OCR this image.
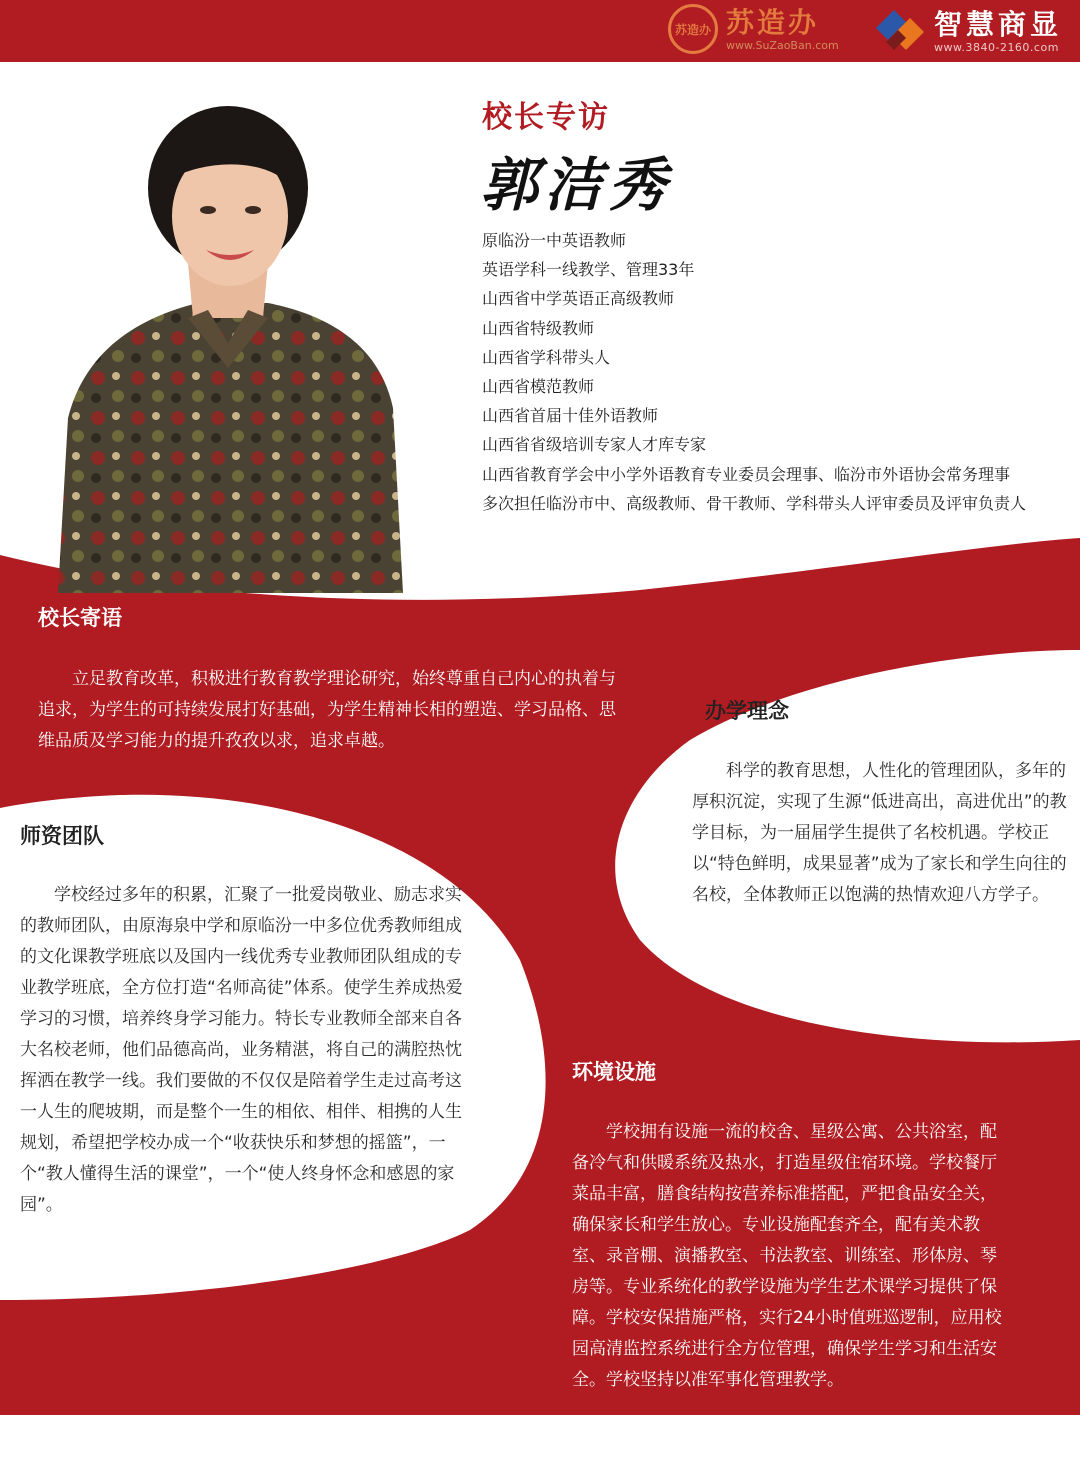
苏造办 苏造办
www.SuZaoBan.com
智慧商显
www.3840-2160.com
校长专访
郭洁秀
原临汾一中英语教师
英语学科一线教学、管理33年
山西省中学英语正高级教师
山西省特级教师
山西省学科带头人
山西省模范教师
山西省首届十佳外语教师
山西省省级培训专家人才库专家
山西省教育学会中小学外语教育专业委员会理事、临汾市外语协会常务理事
多次担任临汾市中、高级教师、骨干教师、学科带头人评审委员及评审负责人
校长寄语

立足教育改革，积极进行教育教学理论研究，始终尊重自己内心的执着与追求，为学生的可持续发展打好基础，为学生精神长相的塑造、学习品格、思维品质及学习能力的提升孜孜以求，追求卓越。

办学理念

科学的教育思想，人性化的管理团队，多年的厚积沉淀，实现了生源“低进高出，高进优出”的教学目标，为一届届学生提供了名校机遇。学校正以“特色鲜明，成果显著”成为了家长和学生向往的名校，全体教师正以饱满的热情欢迎八方学子。

师资团队

学校经过多年的积累，汇聚了一批爱岗敬业、励志求实的教师团队，由原海泉中学和原临汾一中多位优秀教师组成的文化课教学班底以及国内一线优秀专业教师团队组成的专业教学班底，全方位打造“名师高徒”体系。使学生养成热爱学习的习惯，培养终身学习能力。特长专业教师全部来自各大名校老师，他们品德高尚，业务精湛，将自己的满腔热忱挥洒在教学一线。我们要做的不仅仅是陪着学生走过高考这一人生的爬坡期，而是整个一生的相依、相伴、相携的人生规划，希望把学校办成一个“收获快乐和梦想的摇篮”，一个“教人懂得生活的课堂”，一个“使人终身怀念和感恩的家园”。

环境设施

学校拥有设施一流的校舍、星级公寓、公共浴室，配备冷气和供暖系统及热水，打造星级住宿环境。学校餐厅菜品丰富，膳食结构按营养标准搭配，严把食品安全关，确保家长和学生放心。专业设施配套齐全，配有美术教室、录音棚、演播教室、书法教室、训练室、形体房、琴房等。专业系统化的教学设施为学生艺术课学习提供了保障。学校安保措施严格，实行24小时值班巡逻制，应用校园高清监控系统进行全方位管理，确保学生学习和生活安全。学校坚持以准军事化管理教学。
